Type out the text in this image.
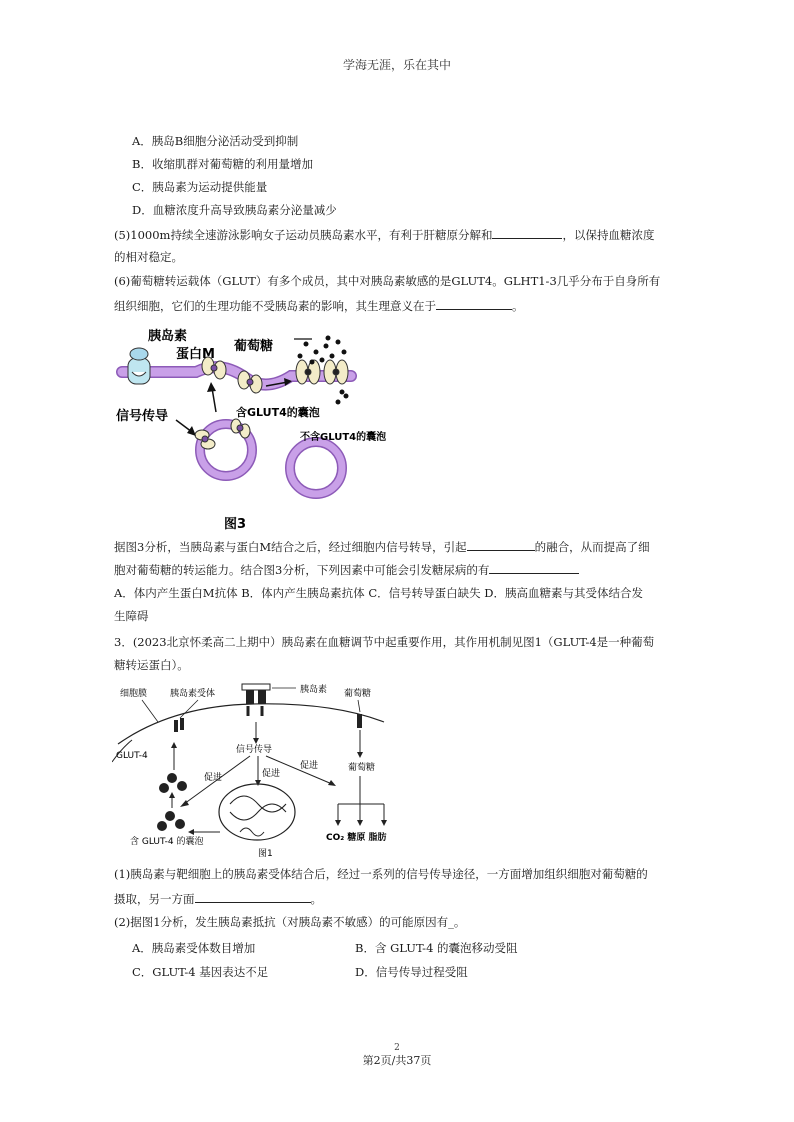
学海无涯，乐在其中
A．胰岛B细胞分泌活动受到抑制
B．收缩肌群对葡萄糖的利用量增加
C．胰岛素为运动提供能量
D．血糖浓度升高导致胰岛素分泌量减少
(5)1000m持续全速游泳影响女子运动员胰岛素水平，有利于肝糖原分解和	，以保持血糖浓度
的相对稳定。
(6)葡萄糖转运载体（GLUT）有多个成员，其中对胰岛素敏感的是GLUT4。GLHT1-3几乎分布于自身所有
组织细胞，它们的生理功能不受胰岛素的影响，其生理意义在于	。
胰岛素
蛋白M
葡萄糖
信号传导	含GLUT4的囊泡
不含GLUT4的囊泡
图3
据图3分析，当胰岛素与蛋白M结合之后，经过细胞内信号转导，引起	的融合，从而提高了细
胞对葡萄糖的转运能力。结合图3分析，下列因素中可能会引发糖尿病的有
A．体内产生蛋白M抗体 B．体内产生胰岛素抗体 C．信号转导蛋白缺失 D．胰高血糖素与其受体结合发
生障碍
3．(2023北京怀柔高二上期中）胰岛素在血糖调节中起重要作用，其作用机制见图1（GLUT-4是一种葡萄
糖转运蛋白）。
信号传导
促进	促进
促进	葡萄糖
CO₂ 糖原 脂肪
细胞膜	胰岛素受体	胰岛素 葡萄糖
GLUT-4
含 GLUT-4 的囊泡
图1
(1)胰岛素与靶细胞上的胰岛素受体结合后，经过一系列的信号传导途径，一方面增加组织细胞对葡萄糖的
摄取，另一方面	。
(2)据图1分析，发生胰岛素抵抗（对胰岛素不敏感）的可能原因有_。
A．胰岛素受体数目增加	B．含 GLUT-4 的囊泡移动受阻
C．GLUT-4 基因表达不足	D．信号传导过程受阻
2
第2页/共37页
